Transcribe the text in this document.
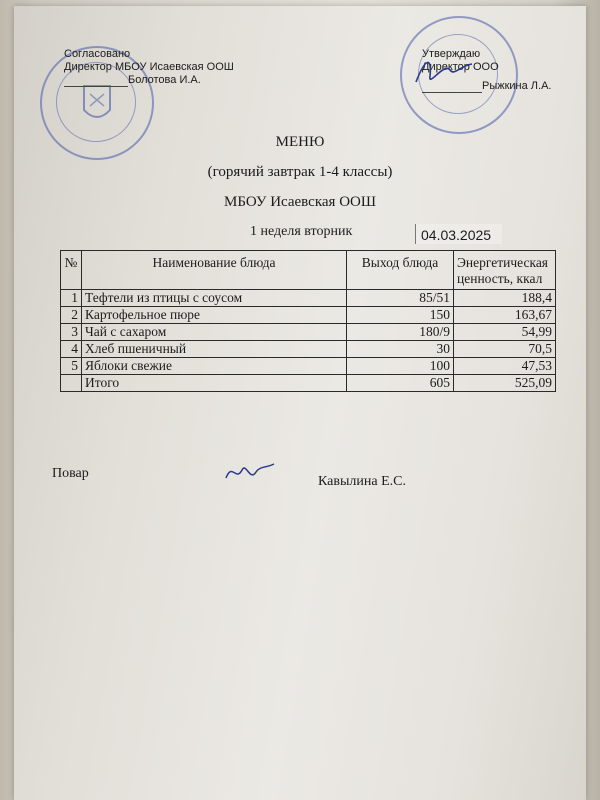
Согласовано
Директор МБОУ Исаевская ООШ
Болотова И.А.
Утверждаю
Директор ООО
Рыжкина Л.А.
МЕНЮ
(горячий завтрак 1-4 классы)
МБОУ Исаевская ООШ
1 неделя вторник	04.03.2025
№	Наименование блюда	Выход блюда	Энергетическая ценность, ккал
1	Тефтели из птицы с соусом	85/51	188,4
2	Картофельное пюре	150	163,67
3	Чай с сахаром	180/9	54,99
4	Хлеб пшеничный	30	70,5
5	Яблоки свежие	100	47,53
	Итого	605	525,09
Повар
Кавылина Е.С.
